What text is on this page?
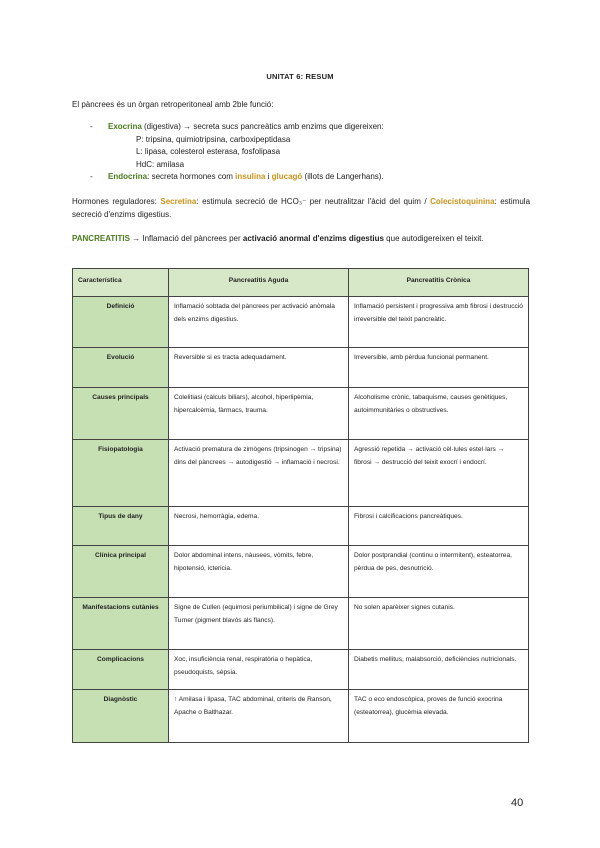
UNITAT 6: RESUM
El pàncrees és un òrgan retroperitoneal amb 2ble funció:
- Exocrina (digestiva) → secreta sucs pancreàtics amb enzims que digereixen:
P: tripsina, quimiotripsina, carboxipeptidasa
L: lipasa, colesterol esterasa, fosfolipasa
HdC: amilasa
- Endocrina: secreta hormones com insulina i glucagó (illots de Langerhans).
Hormones reguladores: Secretina: estimula secreció de HCO₃⁻ per neutralitzar l'àcid del quim / Colecistoquinina: estimula secreció d'enzims digestius.
PANCREATITIS → Inflamació del pàncrees per activació anormal d'enzims digestius que autodigereixen el teixit.
Característica	Pancreatitis Aguda	Pancreatitis Crònica
Definició	Inflamació sobtada del pàncrees per activació anòmala dels enzims digestius.	Inflamació persistent i progressiva amb fibrosi i destrucció irreversible del teixit pancreàtic.
Evolució	Reversible si es tracta adequadament.	Irreversible, amb pèrdua funcional permanent.
Causes principals	Colelitiasi (càlculs biliars), alcohol, hiperlipèmia, hipercalcèmia, fàrmacs, trauma.	Alcoholisme crònic, tabaquisme, causes genètiques, autoimmunitàries o obstructives.
Fisiopatologia	Activació prematura de zimògens (tripsinogen → tripsina) dins del pàncrees → autodigestió → inflamació i necrosi.	Agressió repetida → activació cèl·lules estel·lars → fibrosi → destrucció del teixit exocrí i endocrí.
Tipus de dany	Necrosi, hemorràgia, edema.	Fibrosi i calcificacions pancreàtiques.
Clínica principal	Dolor abdominal intens, nàusees, vòmits, febre, hipotensió, ictericia.	Dolor postprandial (continu o intermitent), esteatorrea, pèrdua de pes, desnutrició.
Manifestacions cutànies	Signe de Cullen (equimosi periumbilical) i signe de Grey Turner (pigment blavós als flancs).	No solen aparèixer signes cutanis.
Complicacions	Xoc, insuficiència renal, respiratòria o hepàtica, pseudoquists, sèpsia.	Diabetis mellitus, malabsorció, deficiències nutricionals.
Diagnòstic	↑ Amilasa i lipasa, TAC abdominal, criteris de Ranson, Apache o Balthazar.	TAC o eco endoscòpica, proves de funció exocrina (esteatorrea), glucèmia elevada.
40
